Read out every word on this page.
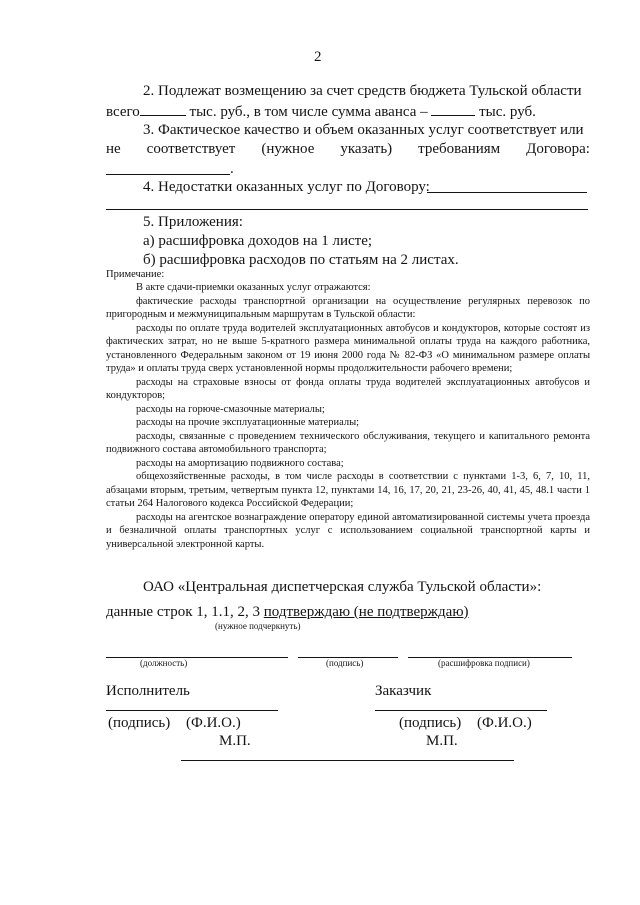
2
2. Подлежат возмещению за счет средств бюджета Тульской области
всего	тыс. руб., в том числе сумма аванса –	тыс. руб.
3. Фактическое качество и объем оказанных услуг соответствует или
не соответствует (нужное указать) требованиям Договора:
.
4. Недостатки оказанных услуг по Договору:
5. Приложения:
а) расшифровка доходов на 1 листе;
б) расшифровка расходов по статьям на 2 листах.
Примечание:

В акте сдачи-приемки оказанных услуг отражаются:

фактические расходы транспортной организации на осуществление регулярных перевозок по пригородным и межмуниципальным маршрутам в Тульской области:

расходы по оплате труда водителей эксплуатационных автобусов и кондукторов, которые состоят из фактических затрат, но не выше 5-кратного размера минимальной оплаты труда на каждого работника, установленного Федеральным законом от 19 июня 2000 года № 82-ФЗ «О минимальном размере оплаты труда» и оплаты труда сверх установленной нормы продолжительности рабочего времени;

расходы на страховые взносы от фонда оплаты труда водителей эксплуатационных автобусов и кондукторов;

расходы на горюче-смазочные материалы;

расходы на прочие эксплуатационные материалы;

расходы, связанные с проведением технического обслуживания, текущего и капитального ремонта подвижного состава автомобильного транспорта;

расходы на амортизацию подвижного состава;

общехозяйственные расходы, в том числе расходы в соответствии с пунктами 1-3, 6, 7, 10, 11, абзацами вторым, третьим, четвертым пункта 12, пунктами 14, 16, 17, 20, 21, 23-26, 40, 41, 45, 48.1 части 1 статьи 264 Налогового кодекса Российской Федерации;

расходы на агентское вознаграждение оператору единой автоматизированной системы учета проезда и безналичной оплаты транспортных услуг с использованием социальной транспортной карты и универсальной электронной карты.

ОАО «Центральная диспетчерская служба Тульской области»:
данные строк 1, 1.1, 2, 3 подтверждаю (не подтверждаю)
(нужное подчеркнуть)
(должность)	(подпись)	(расшифровка подписи)
Исполнитель	Заказчик
(подпись) (Ф.И.О.)	(подпись) (Ф.И.О.)
М.П.	М.П.
